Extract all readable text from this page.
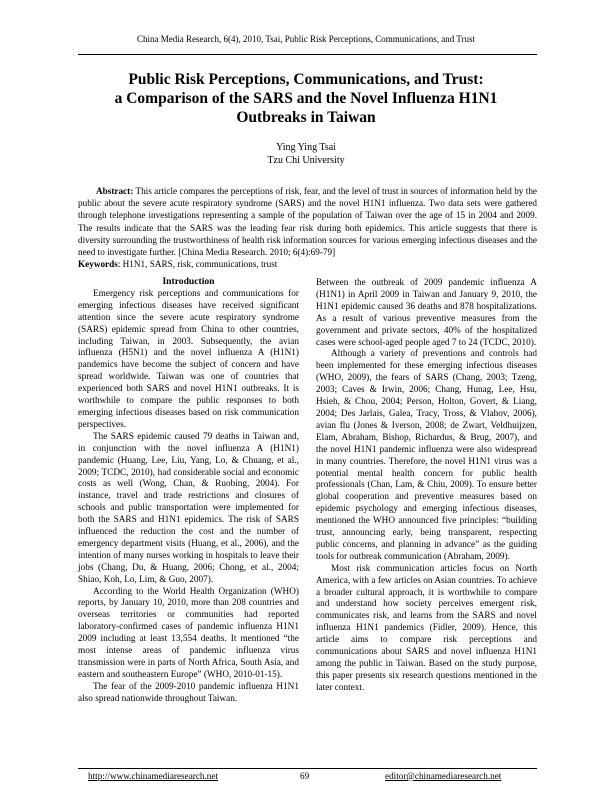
China Media Research, 6(4), 2010, Tsai, Public Risk Perceptions, Communications, and Trust
Public Risk Perceptions, Communications, and Trust:
a Comparison of the SARS and the Novel Influenza H1N1
Outbreaks in Taiwan
Ying Ying Tsai
Tzu Chi University
Abstract: This article compares the perceptions of risk, fear, and the level of trust in sources of information held by the public about the severe acute respiratory syndrome (SARS) and the novel H1N1 influenza. Two data sets were gathered through telephone investigations representing a sample of the population of Taiwan over the age of 15 in 2004 and 2009. The results indicate that the SARS was the leading fear risk during both epidemics. This article suggests that there is diversity surrounding the trustworthiness of health risk information sources for various emerging infectious diseases and the need to investigate further. [China Media Research. 2010; 6(4):69-79]
Keywords: H1N1, SARS, risk, communications, trust
Introduction

Emergency risk perceptions and communications for emerging infectious diseases have received significant attention since the severe acute respiratory syndrome (SARS) epidemic spread from China to other countries, including Taiwan, in 2003. Subsequently, the avian influenza (H5N1) and the novel influenza A (H1N1) pandemics have become the subject of concern and have spread worldwide. Taiwan was one of countries that experienced both SARS and novel H1N1 outbreaks. It is worthwhile to compare the public responses to both emerging infectious diseases based on risk communication perspectives.

The SARS epidemic caused 79 deaths in Taiwan and, in conjunction with the novel influenza A (H1N1) pandemic (Huang, Lee, Liu, Yang, Lo, & Chuang, et al., 2009; TCDC, 2010), had considerable social and economic costs as well (Wong, Chan, & Ruobing, 2004). For instance, travel and trade restrictions and closures of schools and public transportation were implemented for both the SARS and H1N1 epidemics. The risk of SARS influenced the reduction the cost and the number of emergency department visits (Huang, et al., 2006), and the intention of many nurses working in hospitals to leave their jobs (Chang, Du, & Huang, 2006; Chong, et al., 2004; Shiao, Koh, Lo, Lim, & Guo, 2007).

According to the World Health Organization (WHO) reports, by January 10, 2010, more than 208 countries and overseas territories or communities had reported laboratory-confirmed cases of pandemic influenza H1N1 2009 including at least 13,554 deaths. It mentioned “the most intense areas of pandemic influenza virus transmission were in parts of North Africa, South Asia, and eastern and southeastern Europe” (WHO, 2010-01-15).

The fear of the 2009-2010 pandemic influenza H1N1 also spread nationwide throughout Taiwan.

Between the outbreak of 2009 pandemic influenza A (H1N1) in April 2009 in Taiwan and January 9, 2010, the H1N1 epidemic caused 36 deaths and 878 hospitalizations. As a result of various preventive measures from the government and private sectors, 40% of the hospitalized cases were school-aged people aged 7 to 24 (TCDC, 2010).

Although a variety of preventions and controls had been implemented for these emerging infectious diseases (WHO, 2009), the fears of SARS (Chang, 2003; Tzeng, 2003; Caves & Irwin, 2006; Chang, Hunag, Lee, Hsu, Hsieh, & Chou, 2004; Person, Holton, Govert, & Liang, 2004; Des Jarlais, Galea, Tracy, Tross, & Vlahov, 2006), avian flu (Jones & Iverson, 2008; de Zwart, Veldhuijzen, Elam, Abraham, Bishop, Richardus, & Brug, 2007), and the novel H1N1 pandemic influenza were also widespread in many countries. Therefore, the novel H1N1 virus was a potential mental health concern for public health professionals (Chan, Lam, & Chiu, 2009). To ensure better global cooperation and preventive measures based on epidemic psychology and emerging infectious diseases, mentioned the WHO announced five principles: “building trust, announcing early, being transparent, respecting public concerns, and planning in advance” as the guiding tools for outbreak communication (Abraham, 2009).

Most risk communication articles focus on North America, with a few articles on Asian countries. To achieve a broader cultural approach, it is worthwhile to compare and understand how society perceives emergent risk, communicates risk, and learns from the SARS and novel influenza H1N1 pandemics (Fidler, 2009). Hence, this article aims to compare risk perceptions and communications about SARS and novel influenza H1N1 among the public in Taiwan. Based on the study purpose, this paper presents six research questions mentioned in the later context.

http://www.chinamediaresearch.net	69	editor@chinamediaresearch.net
